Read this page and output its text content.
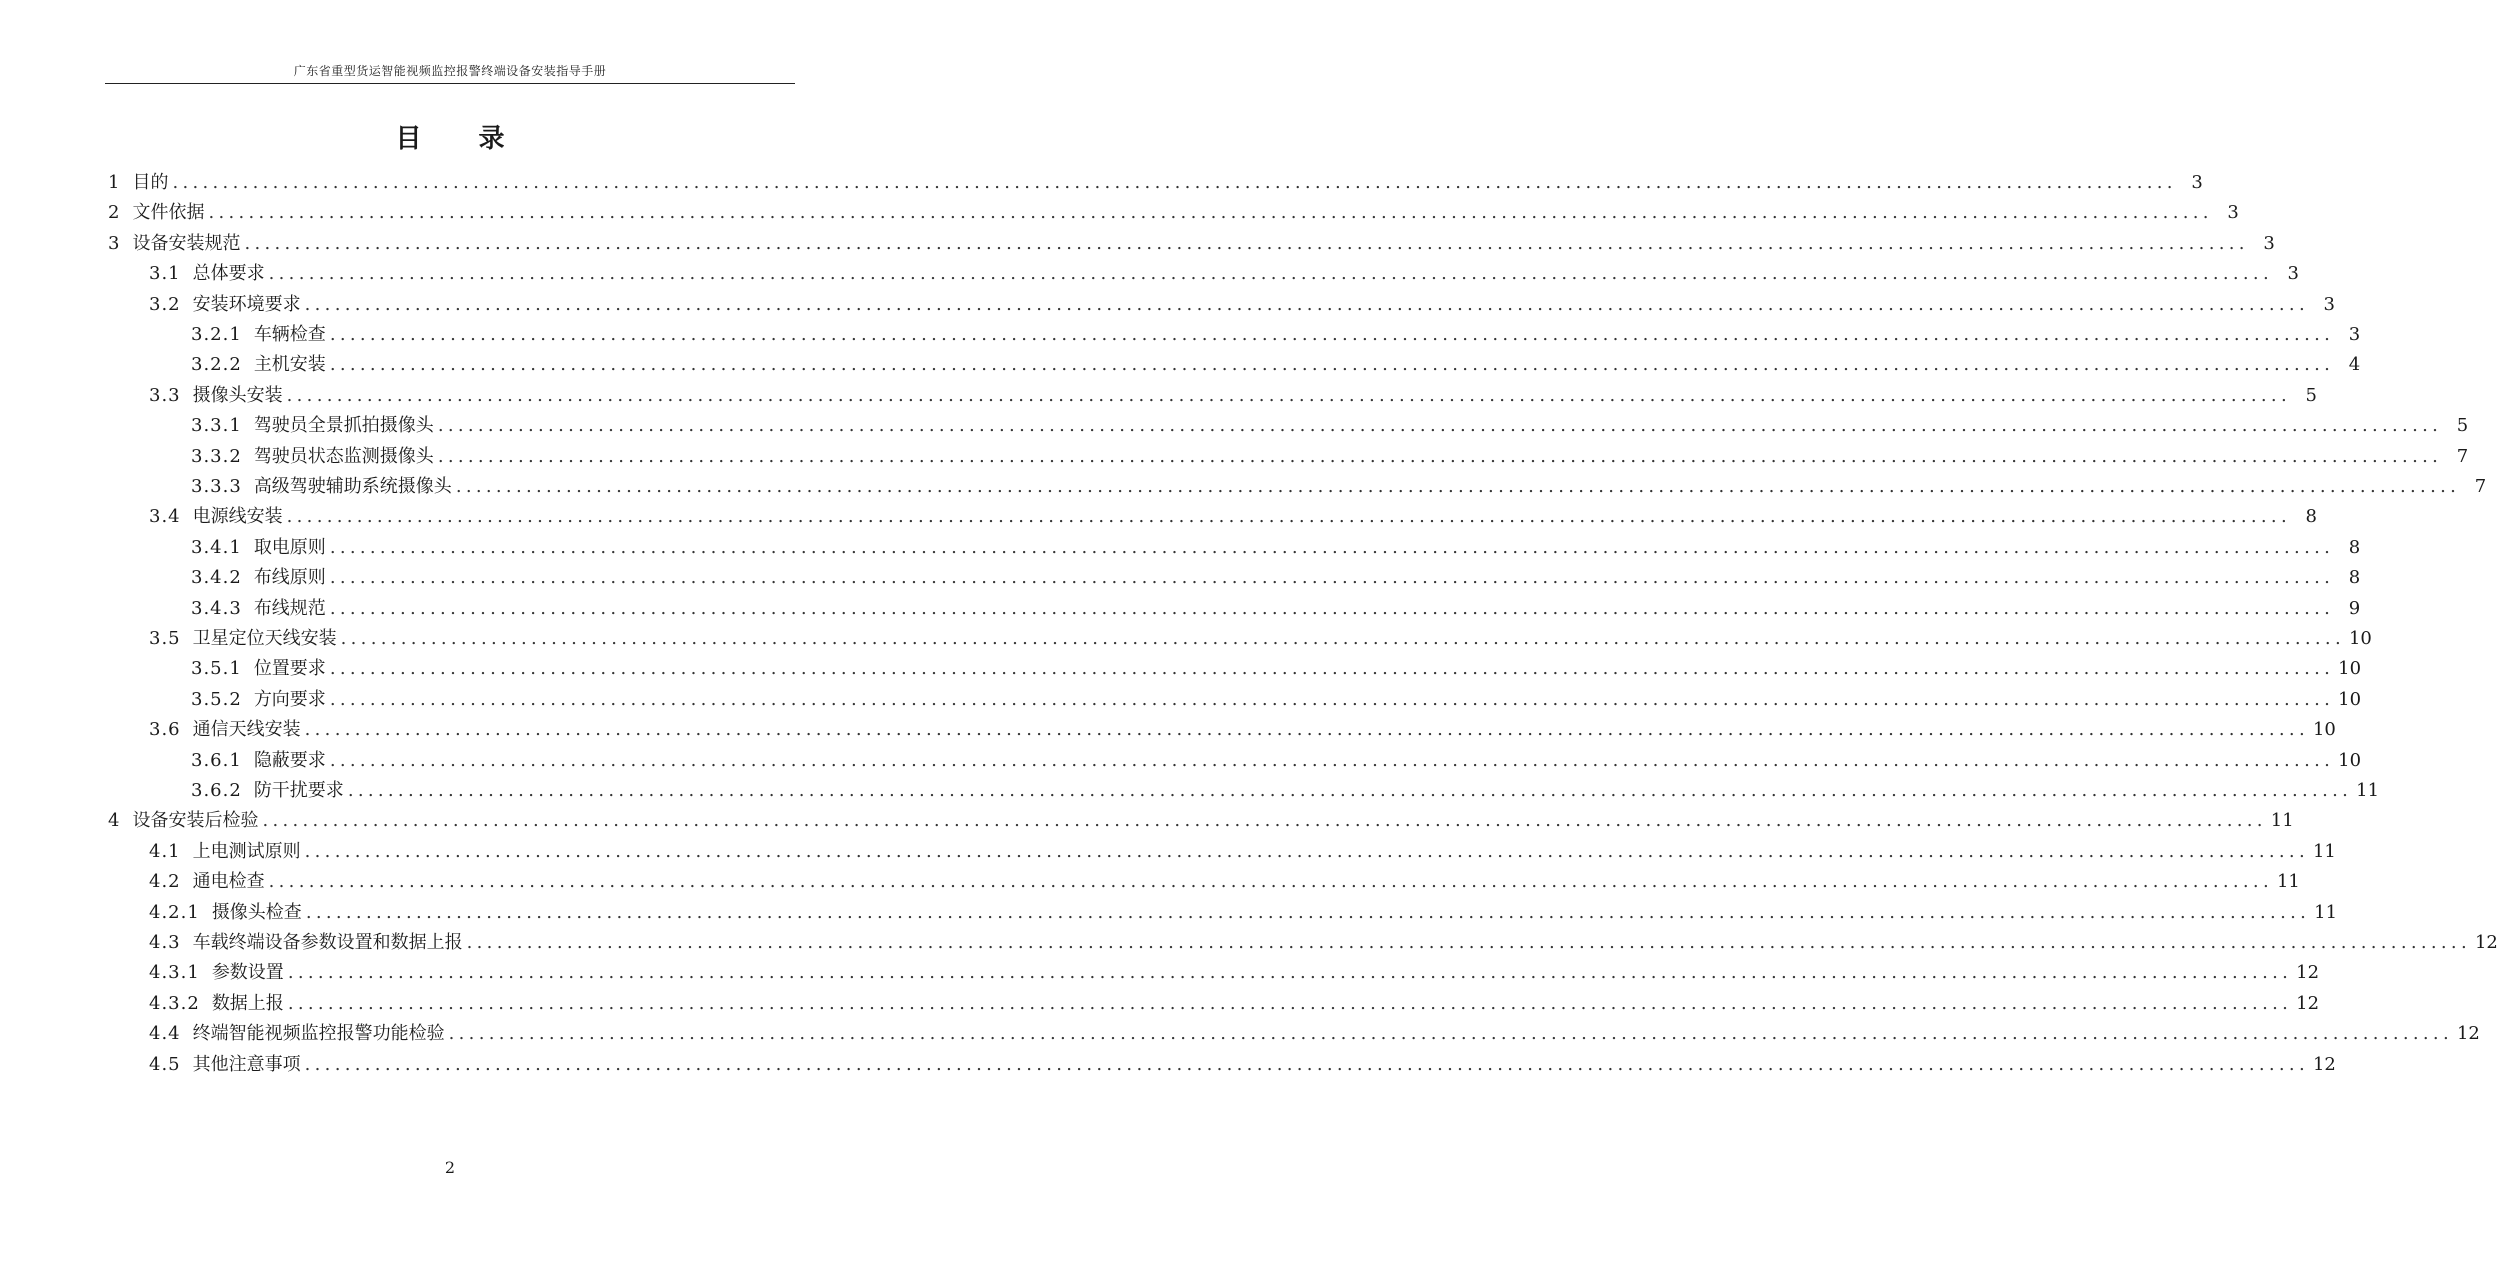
广东省重型货运智能视频监控报警终端设备安装指导手册
目 录
1 目的 ........................................................................................................................................................................................................ 3
2 文件依据 ........................................................................................................................................................................................................ 3
3 设备安装规范 ........................................................................................................................................................................................................ 3
3.1 总体要求 ........................................................................................................................................................................................................ 3
3.2 安装环境要求 ........................................................................................................................................................................................................ 3
3.2.1 车辆检查 ........................................................................................................................................................................................................ 3
3.2.2 主机安装 ........................................................................................................................................................................................................ 4
3.3 摄像头安装 ........................................................................................................................................................................................................ 5
3.3.1 驾驶员全景抓拍摄像头 ........................................................................................................................................................................................................ 5
3.3.2 驾驶员状态监测摄像头 ........................................................................................................................................................................................................ 7
3.3.3 高级驾驶辅助系统摄像头 ........................................................................................................................................................................................................ 7
3.4 电源线安装 ........................................................................................................................................................................................................ 8
3.4.1 取电原则 ........................................................................................................................................................................................................ 8
3.4.2 布线原则 ........................................................................................................................................................................................................ 8
3.4.3 布线规范 ........................................................................................................................................................................................................ 9
3.5 卫星定位天线安装 ........................................................................................................................................................................................................ 10
3.5.1 位置要求 ........................................................................................................................................................................................................ 10
3.5.2 方向要求 ........................................................................................................................................................................................................ 10
3.6 通信天线安装 ........................................................................................................................................................................................................ 10
3.6.1 隐蔽要求 ........................................................................................................................................................................................................ 10
3.6.2 防干扰要求 ........................................................................................................................................................................................................ 11
4 设备安装后检验 ........................................................................................................................................................................................................ 11
4.1 上电测试原则 ........................................................................................................................................................................................................ 11
4.2 通电检查 ........................................................................................................................................................................................................ 11
4.2.1 摄像头检查 ........................................................................................................................................................................................................ 11
4.3 车载终端设备参数设置和数据上报 ........................................................................................................................................................................................................ 12
4.3.1 参数设置 ........................................................................................................................................................................................................ 12
4.3.2 数据上报 ........................................................................................................................................................................................................ 12
4.4 终端智能视频监控报警功能检验 ........................................................................................................................................................................................................ 12
4.5 其他注意事项 ........................................................................................................................................................................................................ 12
2
